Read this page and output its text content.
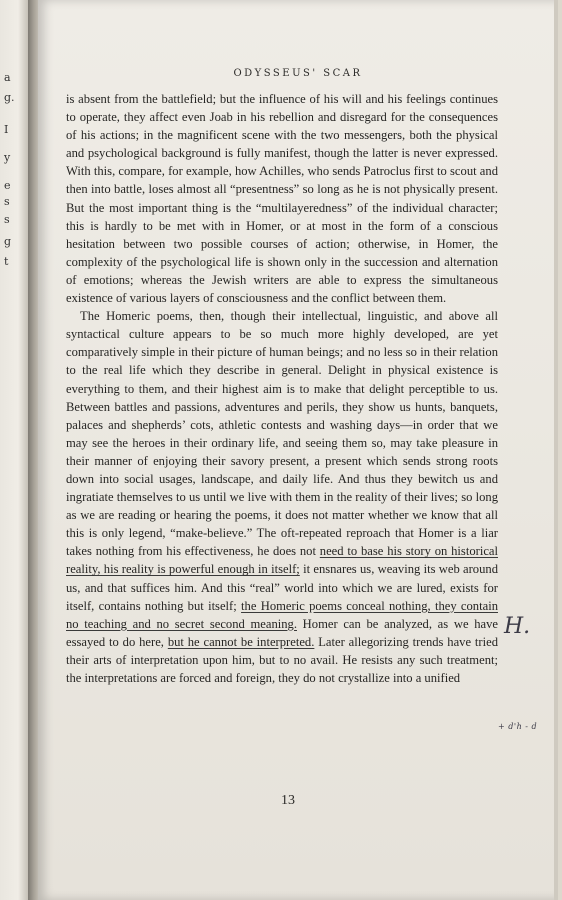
a
g.
I
y
e
s
s
g
t
ODYSSEUS' SCAR

is absent from the battlefield; but the influence of his will and his feelings continues to operate, they affect even Joab in his rebellion and disregard for the consequences of his actions; in the magnificent scene with the two messengers, both the physical and psychological background is fully manifest, though the latter is never expressed. With this, compare, for example, how Achilles, who sends Patroclus first to scout and then into battle, loses almost all “presentness” so long as he is not physically present. But the most important thing is the “multilayeredness” of the individual character; this is hardly to be met with in Homer, or at most in the form of a conscious hesitation between two possible courses of action; otherwise, in Homer, the complexity of the psychological life is shown only in the succession and alternation of emotions; whereas the Jewish writers are able to express the simultaneous existence of various layers of consciousness and the conflict between them.

The Homeric poems, then, though their intellectual, linguistic, and above all syntactical culture appears to be so much more highly developed, are yet comparatively simple in their picture of human beings; and no less so in their relation to the real life which they describe in general. Delight in physical existence is everything to them, and their highest aim is to make that delight perceptible to us. Between battles and passions, adventures and perils, they show us hunts, banquets, palaces and shepherds’ cots, athletic contests and washing days—in order that we may see the heroes in their ordinary life, and seeing them so, may take pleasure in their manner of enjoying their savory present, a present which sends strong roots down into social usages, landscape, and daily life. And thus they bewitch us and ingratiate themselves to us until we live with them in the reality of their lives; so long as we are reading or hearing the poems, it does not matter whether we know that all this is only legend, “make-believe.” The oft-repeated reproach that Homer is a liar takes nothing from his effectiveness, he does not need to base his story on historical reality, his reality is powerful enough in itself; it ensnares us, weaving its web around us, and that suffices him. And this “real” world into which we are lured, exists for itself, contains nothing but itself; the Homeric poems conceal nothing, they contain no teaching and no secret second meaning. Homer can be analyzed, as we have essayed to do here, but he cannot be interpreted. Later allegorizing trends have tried their arts of interpretation upon him, but to no avail. He resists any such treatment; the interpretations are forced and foreign, they do not crystallize into a unified

H.
+ d'h - d
13
